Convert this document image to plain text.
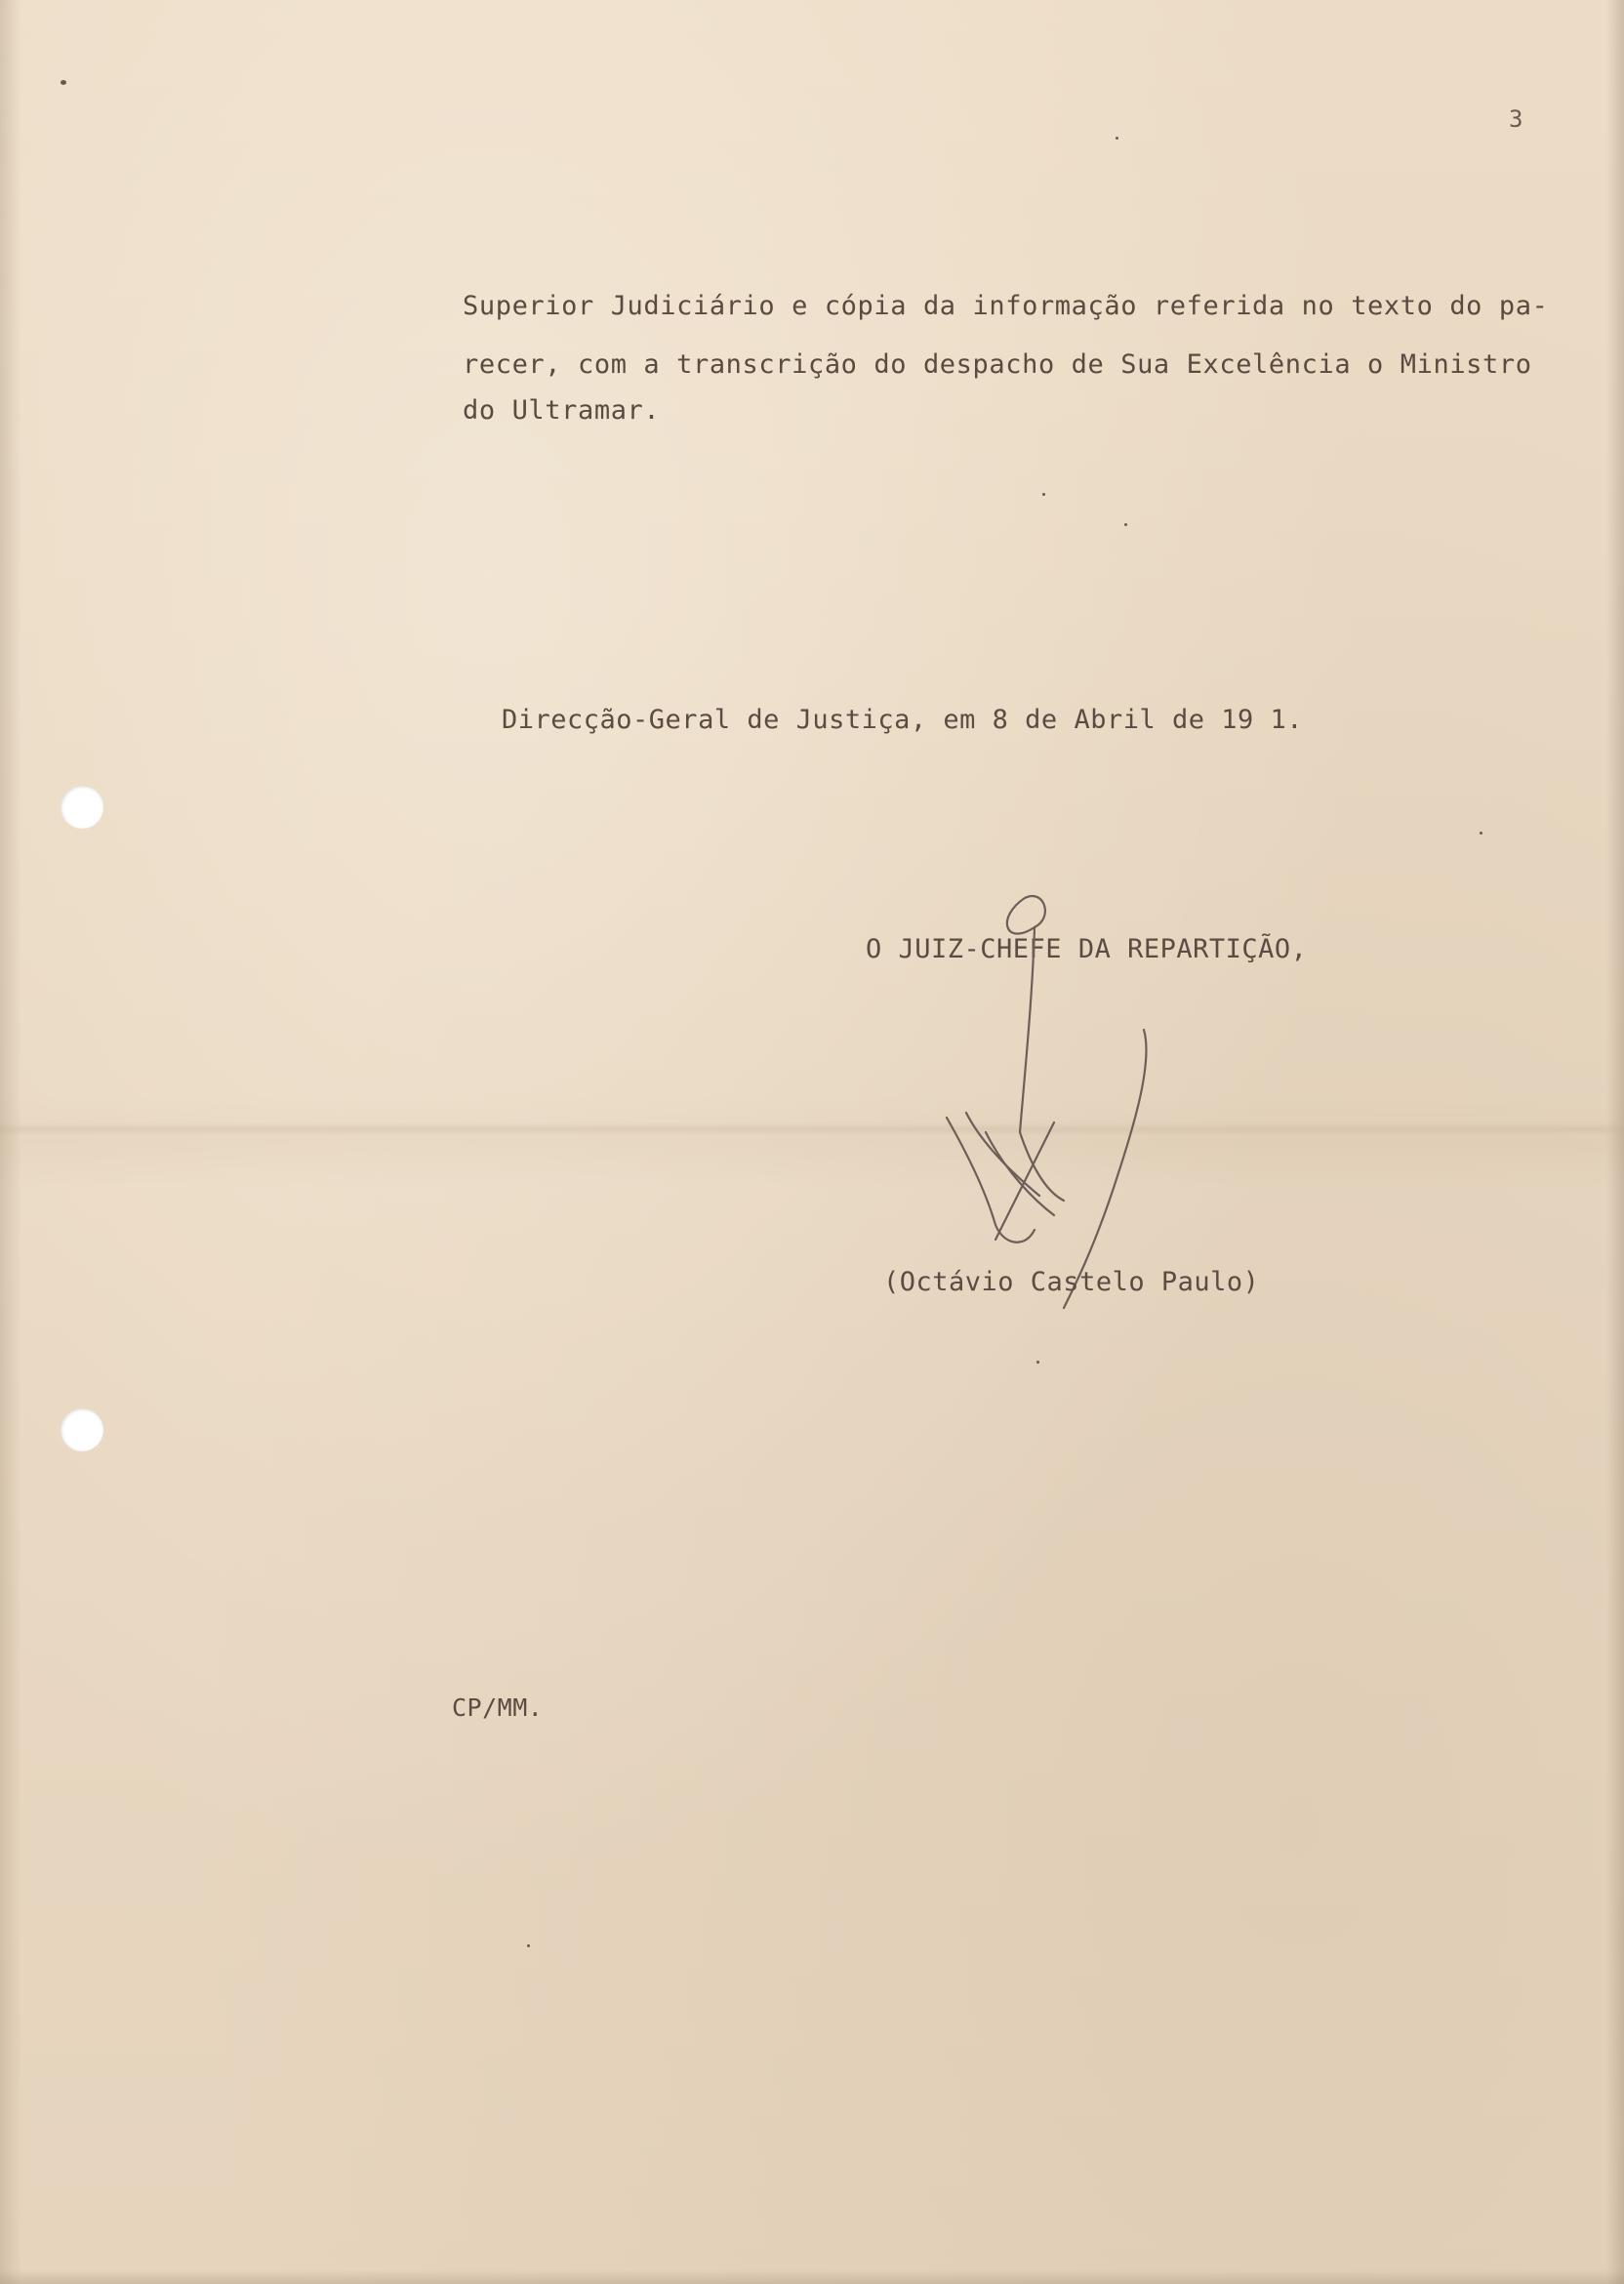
3
Superior Judiciário e cópia da informação referida no texto do pa-
recer, com a transcrição do despacho de Sua Excelência o Ministro
do Ultramar.
Direcção-Geral de Justiça, em 8 de Abril de 19 1.
O JUIZ-CHEFE DA REPARTIÇÃO,
(Octávio Castelo Paulo)
CP/MM.
